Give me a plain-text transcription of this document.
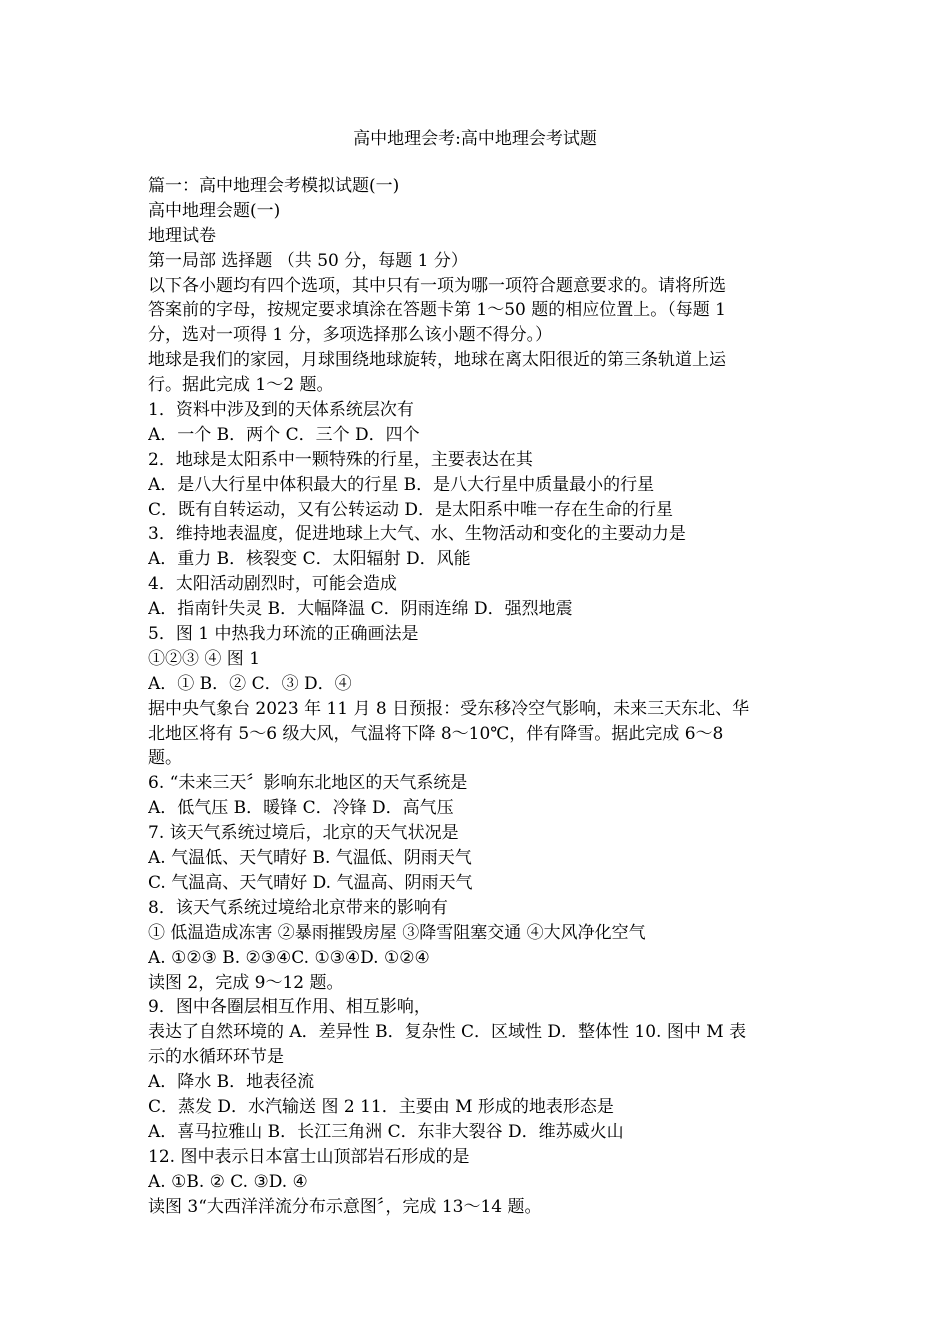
高中地理会考:高中地理会考试题
篇一：高中地理会考模拟试题(一)
高中地理会题(一)
地理试卷
第一局部 选择题 （共 50 分，每题 1 分）
以下各小题均有四个选项，其中只有一项为哪一项符合题意要求的。请将所选
答案前的字母，按规定要求填涂在答题卡第 1～50 题的相应位置上。（每题 1
分，选对一项得 1 分，多项选择那么该小题不得分。）
地球是我们的家园，月球围绕地球旋转，地球在离太阳很近的第三条轨道上运
行。据此完成 1～2 题。
1．资料中涉及到的天体系统层次有
A．一个 B．两个 C．三个 D．四个
2．地球是太阳系中一颗特殊的行星，主要表达在其
A．是八大行星中体积最大的行星 B．是八大行星中质量最小的行星
C．既有自转运动，又有公转运动 D．是太阳系中唯一存在生命的行星
3．维持地表温度，促进地球上大气、水、生物活动和变化的主要动力是
A．重力 B．核裂变 C．太阳辐射 D．风能
4．太阳活动剧烈时，可能会造成
A．指南针失灵 B．大幅降温 C．阴雨连绵 D．强烈地震
5．图 1 中热我力环流的正确画法是
①②③ ④ 图 1
A．① B．② C．③ D．④
据中央气象台 2023 年 11 月 8 日预报：受东移冷空气影响，未来三天东北、华
北地区将有 5～6 级大风，气温将下降 8～10℃，伴有降雪。据此完成 6～8
题。
6. “未来三天〞影响东北地区的天气系统是
A．低气压 B．暖锋 C．冷锋 D．高气压
7. 该天气系统过境后，北京的天气状况是
A. 气温低、天气晴好 B. 气温低、阴雨天气
C. 气温高、天气晴好 D. 气温高、阴雨天气
8．该天气系统过境给北京带来的影响有
① 低温造成冻害 ②暴雨摧毁房屋 ③降雪阻塞交通 ④大风净化空气
A. ①②③ B. ②③④C. ①③④D. ①②④
读图 2，完成 9～12 题。
9．图中各圈层相互作用、相互影响，
表达了自然环境的 A．差异性 B．复杂性 C．区域性 D．整体性 10. 图中 M 表
示的水循环环节是
A．降水 B．地表径流
C．蒸发 D．水汽输送 图 2 11．主要由 M 形成的地表形态是
A．喜马拉雅山 B．长江三角洲 C．东非大裂谷 D．维苏威火山
12. 图中表示日本富士山顶部岩石形成的是
A. ①B. ② C. ③D. ④
读图 3“大西洋洋流分布示意图〞，完成 13～14 题。
